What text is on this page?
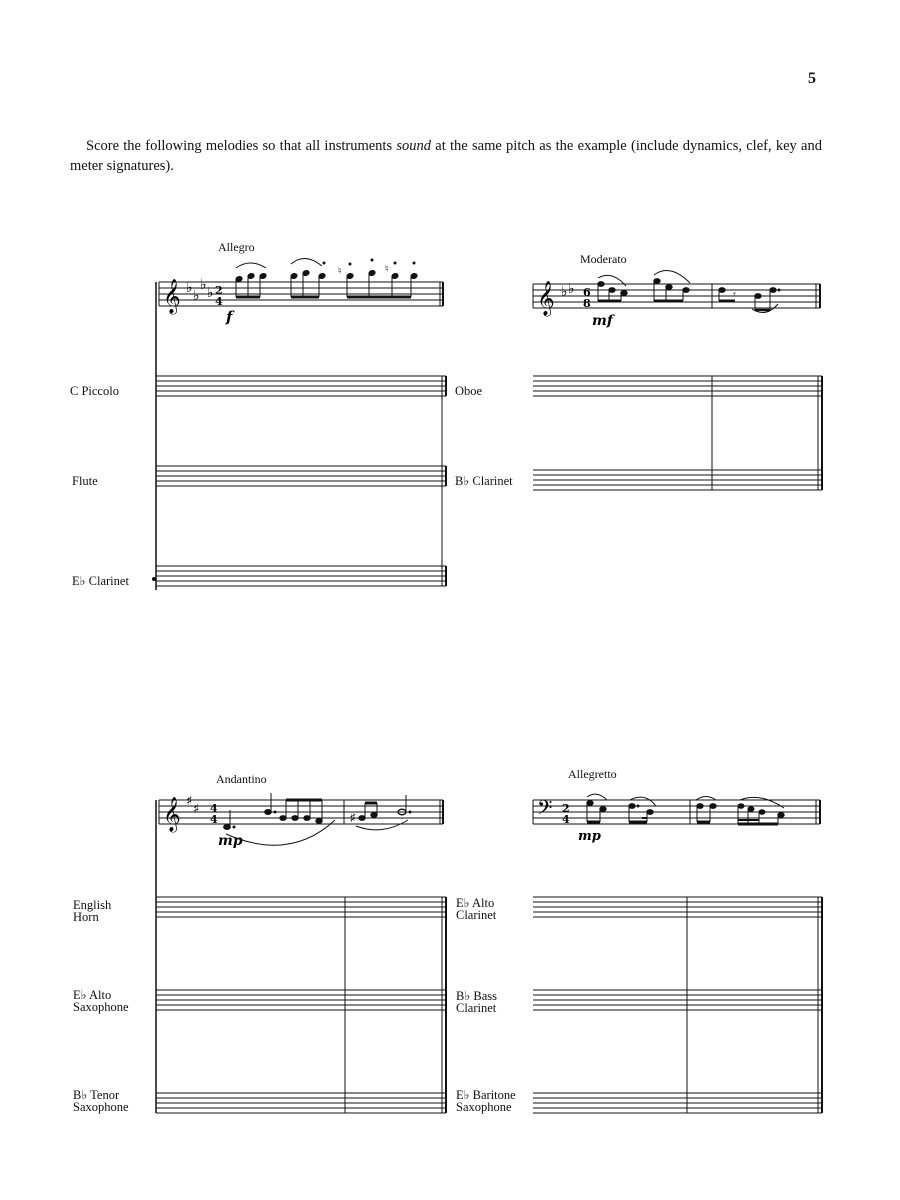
5
Score the following melodies so that all instruments sound at the same pitch as the example (include dynamics, clef, key and meter signatures).
Allegro
Moderato
Andantino	Allegretto
C Piccolo
Flute
E♭ Clarinet
Oboe
B♭ Clarinet
English
Horn
E♭ Alto
Saxophone
B♭ Tenor
Saxophone
E♭ Alto
Clarinet
B♭ Bass
Clarinet
E♭ Baritone
Saxophone
𝄞 ♭ ♭
♭ ♭ 2
4
f
♮	♮
𝄞 ♭ ♭ 6
8
mf
𝄾
𝄞 ♯
♯ 4
4
mp
♯	𝄢 2
4
mp
